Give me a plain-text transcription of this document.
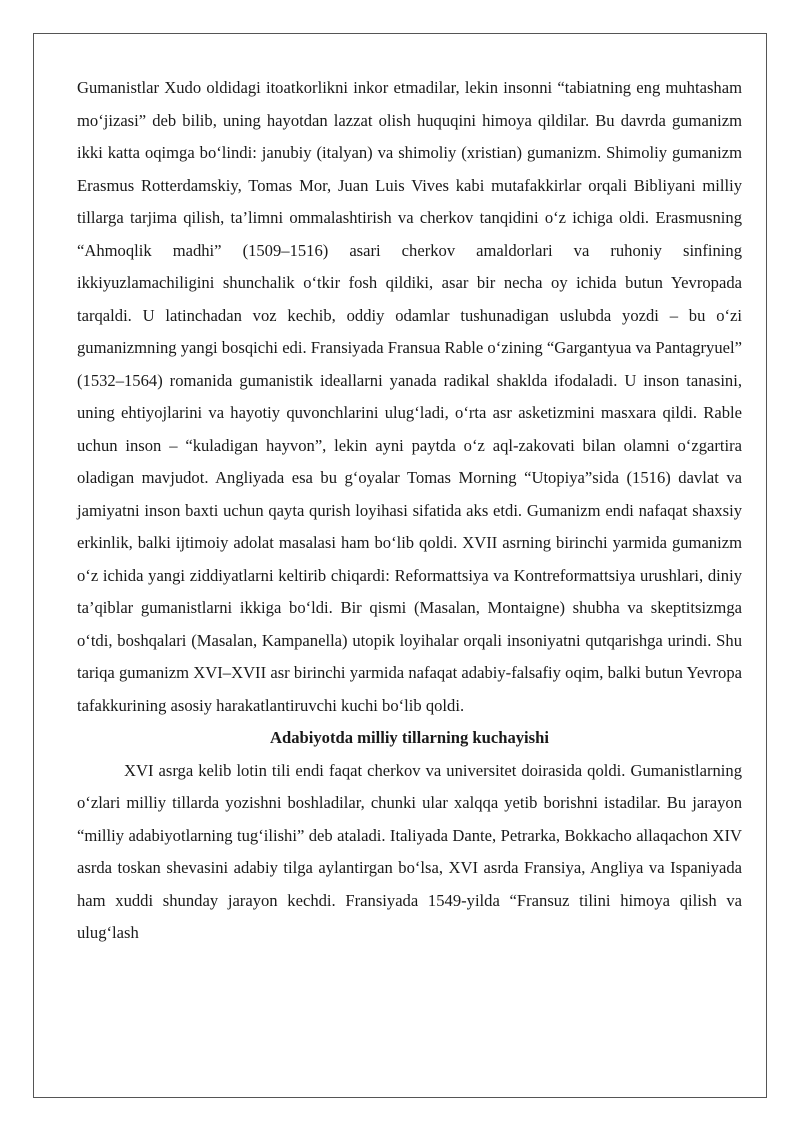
Gumanistlar Xudo oldidagi itoatkorlikni inkor etmadilar, lekin insonni “tabiatning eng muhtasham mo‘jizasi” deb bilib, uning hayotdan lazzat olish huquqini himoya qildilar. Bu davrda gumanizm ikki katta oqimga bo‘lindi: janubiy (italyan) va shimoliy (xristian) gumanizm. Shimoliy gumanizm Erasmus Rotterdamskiy, Tomas Mor, Juan Luis Vives kabi mutafakkirlar orqali Bibliyani milliy tillarga tarjima qilish, ta’limni ommalashtirish va cherkov tanqidini o‘z ichiga oldi. Erasmusning “Ahmoqlik madhi” (1509–1516) asari cherkov amaldorlari va ruhoniy sinfining ikkiyuzlamachiligini shunchalik o‘tkir fosh qildiki, asar bir necha oy ichida butun Yevropada tarqaldi. U latinchadan voz kechib, oddiy odamlar tushunadigan uslubda yozdi – bu o‘zi gumanizmning yangi bosqichi edi. Fransiyada Fransua Rable o‘zining “Gargantyua va Pantagryuel” (1532–1564) romanida gumanistik ideallarni yanada radikal shaklda ifodaladi. U inson tanasini, uning ehtiyojlarini va hayotiy quvonchlarini ulug‘ladi, o‘rta asr asketizmini masxara qildi. Rable uchun inson – “kuladigan hayvon”, lekin ayni paytda o‘z aql-zakovati bilan olamni o‘zgartira oladigan mavjudot. Angliyada esa bu g‘oyalar Tomas Morning “Utopiya”sida (1516) davlat va jamiyatni inson baxti uchun qayta qurish loyihasi sifatida aks etdi. Gumanizm endi nafaqat shaxsiy erkinlik, balki ijtimoiy adolat masalasi ham bo‘lib qoldi. XVII asrning birinchi yarmida gumanizm o‘z ichida yangi ziddiyatlarni keltirib chiqardi: Reformattsiya va Kontreformattsiya urushlari, diniy ta’qiblar gumanistlarni ikkiga bo‘ldi. Bir qismi (Masalan, Montaigne) shubha va skeptitsizmga o‘tdi, boshqalari (Masalan, Kampanella) utopik loyihalar orqali insoniyatni qutqarishga urindi. Shu tariqa gumanizm XVI–XVII asr birinchi yarmida nafaqat adabiy-falsafiy oqim, balki butun Yevropa tafakkurining asosiy harakatlantiruvchi kuchi bo‘lib qoldi.

Adabiyotda milliy tillarning kuchayishi

XVI asrga kelib lotin tili endi faqat cherkov va universitet doirasida qoldi. Gumanistlarning o‘zlari milliy tillarda yozishni boshladilar, chunki ular xalqqa yetib borishni istadilar. Bu jarayon “milliy adabiyotlarning tug‘ilishi” deb ataladi. Italiyada Dante, Petrarka, Bokkacho allaqachon XIV asrda toskan shevasini adabiy tilga aylantirgan bo‘lsa, XVI asrda Fransiya, Angliya va Ispaniyada ham xuddi shunday jarayon kechdi. Fransiyada 1549-yilda “Fransuz tilini himoya qilish va ulug‘lash
